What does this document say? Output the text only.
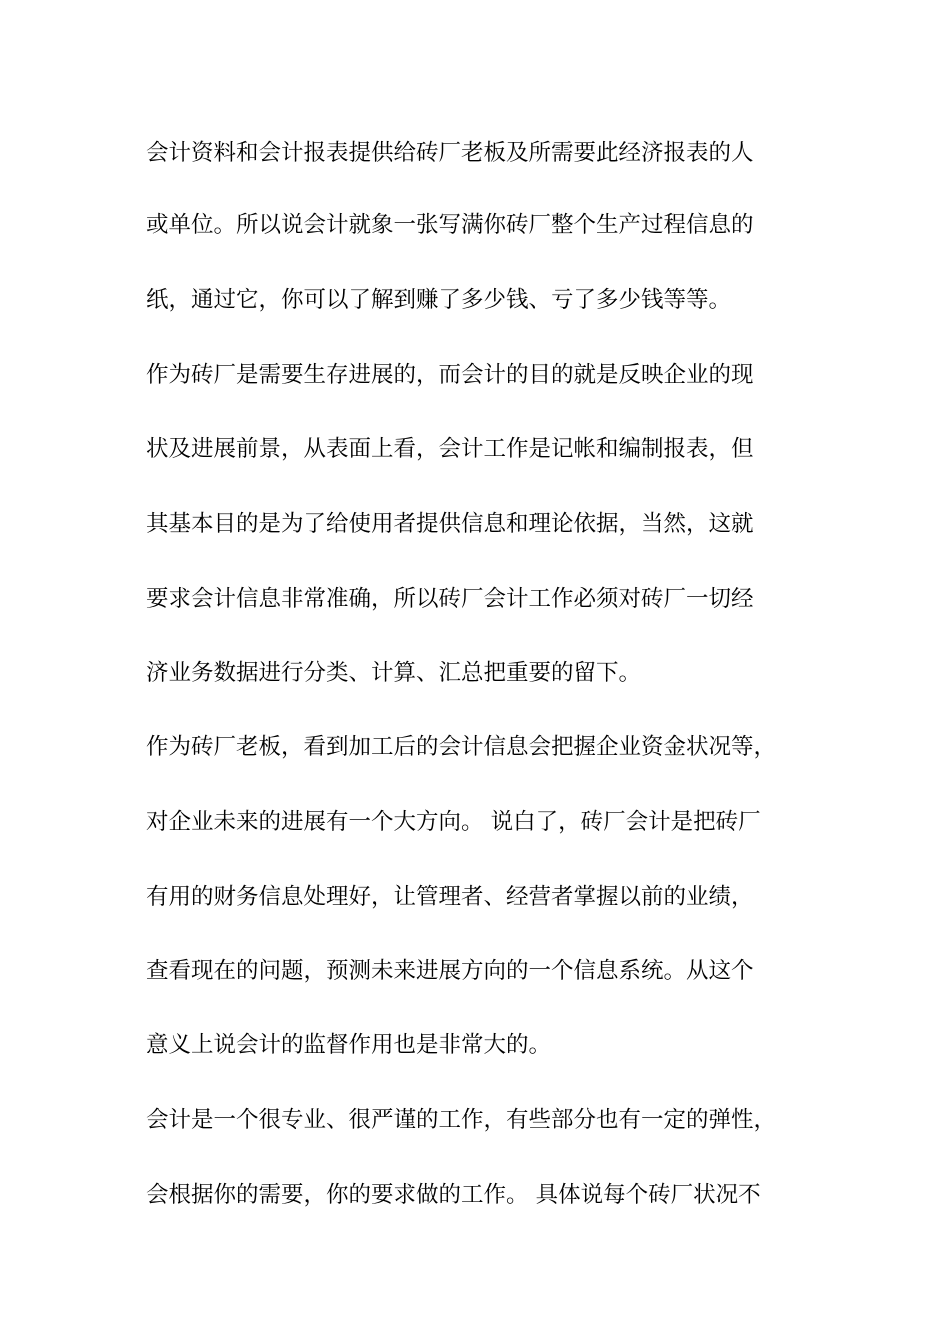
会计资料和会计报表提供给砖厂老板及所需要此经济报表的人
或单位。所以说会计就象一张写满你砖厂整个生产过程信息的
纸，通过它，你可以了解到赚了多少钱、亏了多少钱等等。
作为砖厂是需要生存进展的，而会计的目的就是反映企业的现
状及进展前景，从表面上看，会计工作是记帐和编制报表，但
其基本目的是为了给使用者提供信息和理论依据，当然，这就
要求会计信息非常准确，所以砖厂会计工作必须对砖厂一切经
济业务数据进行分类、计算、汇总把重要的留下。
作为砖厂老板，看到加工后的会计信息会把握企业资金状况等，
对企业未来的进展有一个大方向。 说白了，砖厂会计是把砖厂
有用的财务信息处理好，让管理者、经营者掌握以前的业绩，
查看现在的问题，预测未来进展方向的一个信息系统。从这个
意义上说会计的监督作用也是非常大的。
会计是一个很专业、很严谨的工作，有些部分也有一定的弹性，
会根据你的需要，你的要求做的工作。 具体说每个砖厂状况不
